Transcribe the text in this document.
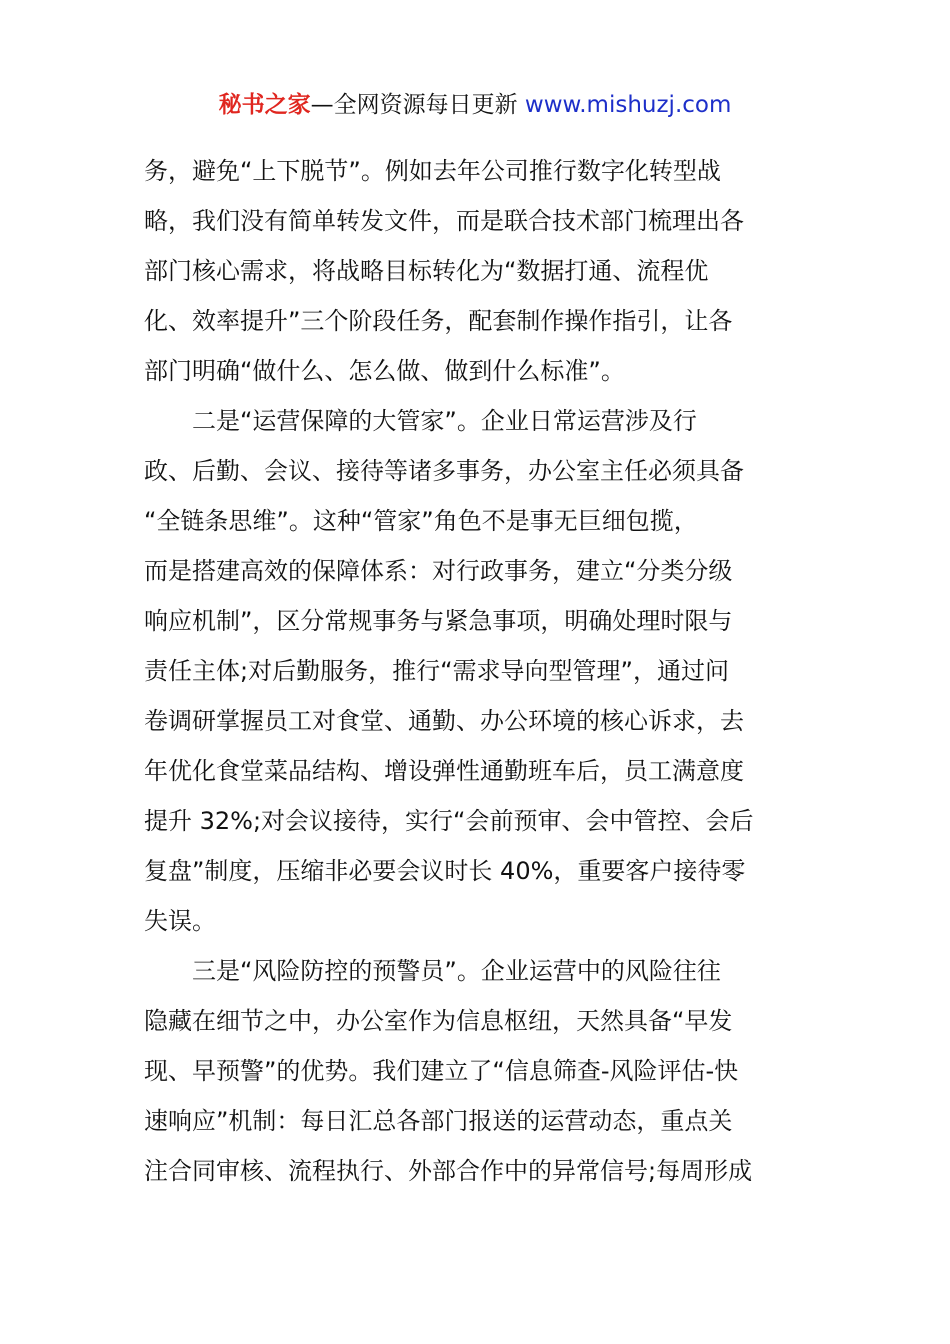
秘书之家—全网资源每日更新 www.mishuzj.com
务，避免“上下脱节”。例如去年公司推行数字化转型战
略，我们没有简单转发文件，而是联合技术部门梳理出各
部门核心需求，将战略目标转化为“数据打通、流程优
化、效率提升”三个阶段任务，配套制作操作指引，让各
部门明确“做什么、怎么做、做到什么标准”。
二是“运营保障的大管家”。企业日常运营涉及行
政、后勤、会议、接待等诸多事务，办公室主任必须具备
“全链条思维”。这种“管家”角色不是事无巨细包揽，
而是搭建高效的保障体系：对行政事务，建立“分类分级
响应机制”，区分常规事务与紧急事项，明确处理时限与
责任主体;对后勤服务，推行“需求导向型管理”，通过问
卷调研掌握员工对食堂、通勤、办公环境的核心诉求，去
年优化食堂菜品结构、增设弹性通勤班车后，员工满意度
提升 32%;对会议接待，实行“会前预审、会中管控、会后
复盘”制度，压缩非必要会议时长 40%，重要客户接待零
失误。
三是“风险防控的预警员”。企业运营中的风险往往
隐藏在细节之中，办公室作为信息枢纽，天然具备“早发
现、早预警”的优势。我们建立了“信息筛查-风险评估-快
速响应”机制：每日汇总各部门报送的运营动态，重点关
注合同审核、流程执行、外部合作中的异常信号;每周形成
